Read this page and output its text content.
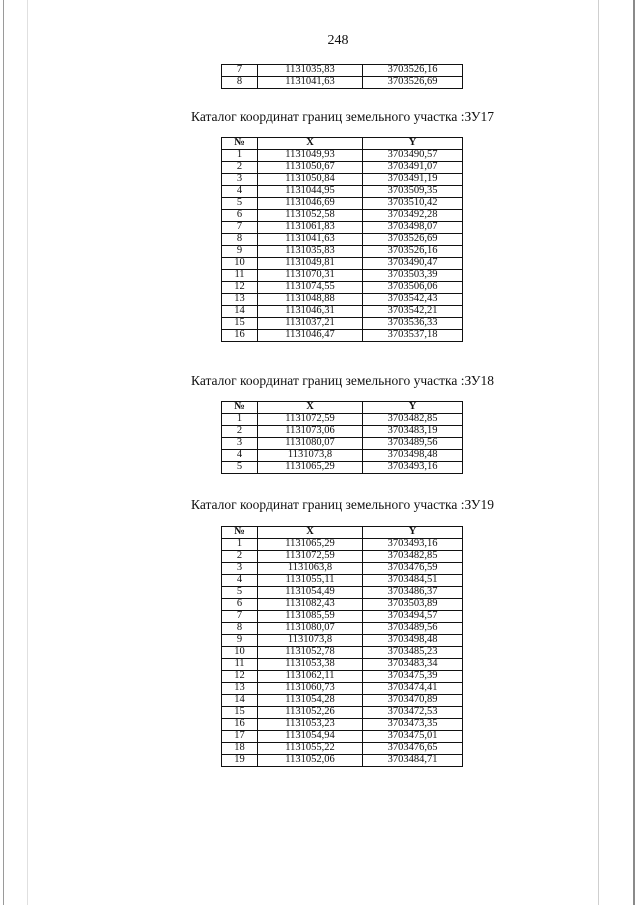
248
7	1131035,83	3703526,16
8	1131041,63	3703526,69
Каталог координат границ земельного участка :ЗУ17
№	X	Y
1	1131049,93	3703490,57
2	1131050,67	3703491,07
3	1131050,84	3703491,19
4	1131044,95	3703509,35
5	1131046,69	3703510,42
6	1131052,58	3703492,28
7	1131061,83	3703498,07
8	1131041,63	3703526,69
9	1131035,83	3703526,16
10	1131049,81	3703490,47
11	1131070,31	3703503,39
12	1131074,55	3703506,06
13	1131048,88	3703542,43
14	1131046,31	3703542,21
15	1131037,21	3703536,33
16	1131046,47	3703537,18
Каталог координат границ земельного участка :ЗУ18
№	X	Y
1	1131072,59	3703482,85
2	1131073,06	3703483,19
3	1131080,07	3703489,56
4	1131073,8	3703498,48
5	1131065,29	3703493,16
Каталог координат границ земельного участка :ЗУ19
№	X	Y
1	1131065,29	3703493,16
2	1131072,59	3703482,85
3	1131063,8	3703476,59
4	1131055,11	3703484,51
5	1131054,49	3703486,37
6	1131082,43	3703503,89
7	1131085,59	3703494,57
8	1131080,07	3703489,56
9	1131073,8	3703498,48
10	1131052,78	3703485,23
11	1131053,38	3703483,34
12	1131062,11	3703475,39
13	1131060,73	3703474,41
14	1131054,28	3703470,89
15	1131052,26	3703472,53
16	1131053,23	3703473,35
17	1131054,94	3703475,01
18	1131055,22	3703476,65
19	1131052,06	3703484,71
